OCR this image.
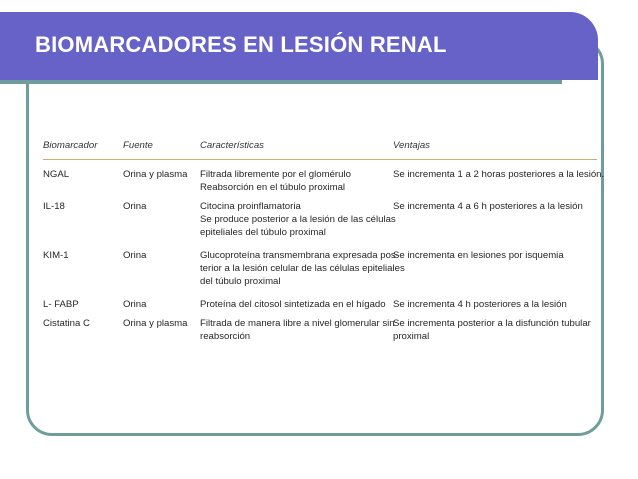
BIOMARCADORES EN LESIÓN RENAL
Biomarcador	Fuente	Características	Ventajas
NGAL	Orina y plasma	Filtrada libremente por el glomérulo
Reabsorción en el túbulo proximal	Se incrementa 1 a 2 horas posteriores a la lesión.

IL-18	Orina	Citocina proinflamatoria
Se produce posterior a la lesión de las células
epiteliales del túbulo proximal	Se incrementa 4 a 6 h posteriores a la lesión

KIM-1	Orina	Glucoproteína transmembrana expresada pos-
terior a la lesión celular de las células epiteliales
del túbulo proximal	Se incrementa en lesiones por isquemia

L- FABP	Orina	Proteína del citosol sintetizada en el hígado	Se incrementa 4 h posteriores a la lesión

Cistatina C	Orina y plasma	Filtrada de manera libre a nivel glomerular sin
reabsorción	Se incrementa posterior a la disfunción tubular
proximal
